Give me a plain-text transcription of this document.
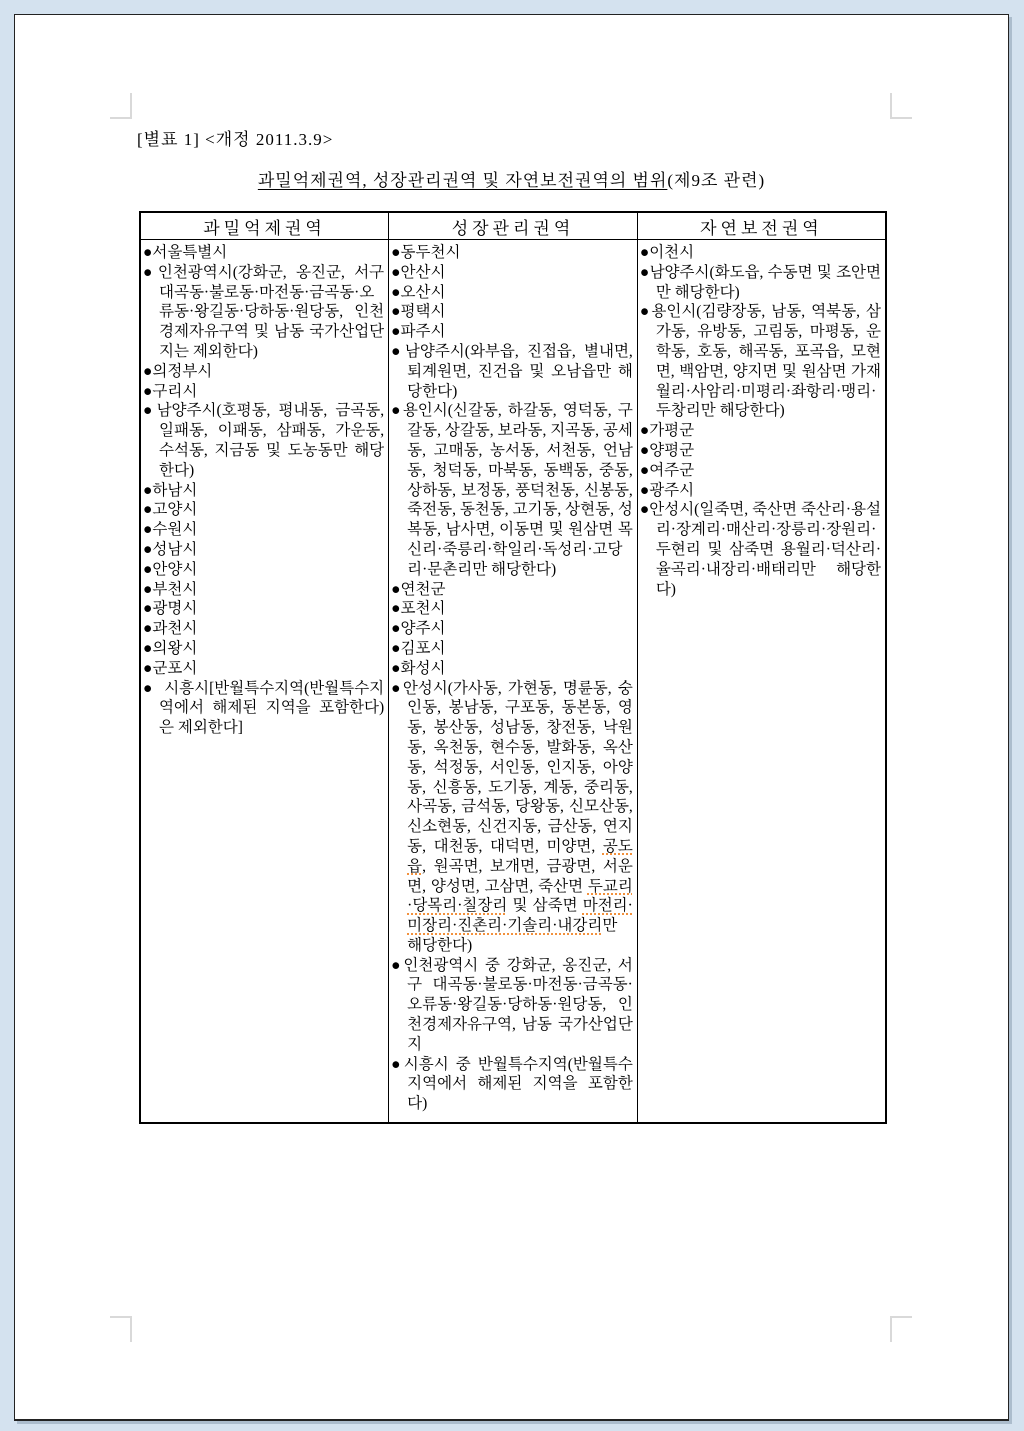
[별표 1] <개정 2011.3.9>
과밀억제권역, 성장관리권역 및 자연보전권역의 범위(제9조 관련)
과밀억제권역	성장관리권역	자연보전권역

●서울특별시
●인천광역시(강화군, 옹진군, 서구 대곡동·불로동·마전동·금곡동·오류동·왕길동·당하동·원당동, 인천경제자유구역 및 남동 국가산업단지는 제외한다)
●의정부시
●구리시
●남양주시(호평동, 평내동, 금곡동, 일패동, 이패동, 삼패동, 가운동, 수석동, 지금동 및 도농동만 해당한다)
●하남시
●고양시
●수원시
●성남시
●안양시
●부천시
●광명시
●과천시
●의왕시
●군포시
●시흥시[반월특수지역(반월특수지역에서 해제된 지역을 포함한다)은 제외한다]

●동두천시
●안산시
●오산시
●평택시
●파주시
●남양주시(와부읍, 진접읍, 별내면, 퇴계원면, 진건읍 및 오남읍만 해당한다)
●용인시(신갈동, 하갈동, 영덕동, 구갈동, 상갈동, 보라동, 지곡동, 공세동, 고매동, 농서동, 서천동, 언남동, 청덕동, 마북동, 동백동, 중동, 상하동, 보정동, 풍덕천동, 신봉동, 죽전동, 동천동, 고기동, 상현동, 성복동, 남사면, 이동면 및 원삼면 목신리·죽릉리·학일리·독성리·고당리·문촌리만 해당한다)
●연천군
●포천시
●양주시
●김포시
●화성시
●안성시(가사동, 가현동, 명륜동, 숭인동, 봉남동, 구포동, 동본동, 영동, 봉산동, 성남동, 창전동, 낙원동, 옥천동, 현수동, 발화동, 옥산동, 석정동, 서인동, 인지동, 아양동, 신흥동, 도기동, 계동, 중리동, 사곡동, 금석동, 당왕동, 신모산동, 신소현동, 신건지동, 금산동, 연지동, 대천동, 대덕면, 미양면, 공도읍, 원곡면, 보개면, 금광면, 서운면, 양성면, 고삼면, 죽산면 두교리·당목리·칠장리 및 삼죽면 마전리·미장리·진촌리·기솔리·내강리만 해당한다)
●인천광역시 중 강화군, 옹진군, 서구 대곡동·불로동·마전동·금곡동·오류동·왕길동·당하동·원당동, 인천경제자유구역, 남동 국가산업단지
●시흥시 중 반월특수지역(반월특수지역에서 해제된 지역을 포함한다)

●이천시
●남양주시(화도읍, 수동면 및 조안면만 해당한다)
●용인시(김량장동, 남동, 역북동, 삼가동, 유방동, 고림동, 마평동, 운학동, 호동, 해곡동, 포곡읍, 모현면, 백암면, 양지면 및 원삼면 가재월리·사암리·미평리·좌항리·맹리·두창리만 해당한다)
●가평군
●양평군
●여주군
●광주시
●안성시(일죽면, 죽산면 죽산리·용설리·장계리·매산리·장릉리·장원리·두현리 및 삼죽면 용월리·덕산리·율곡리·내장리·배태리만 해당한다)
